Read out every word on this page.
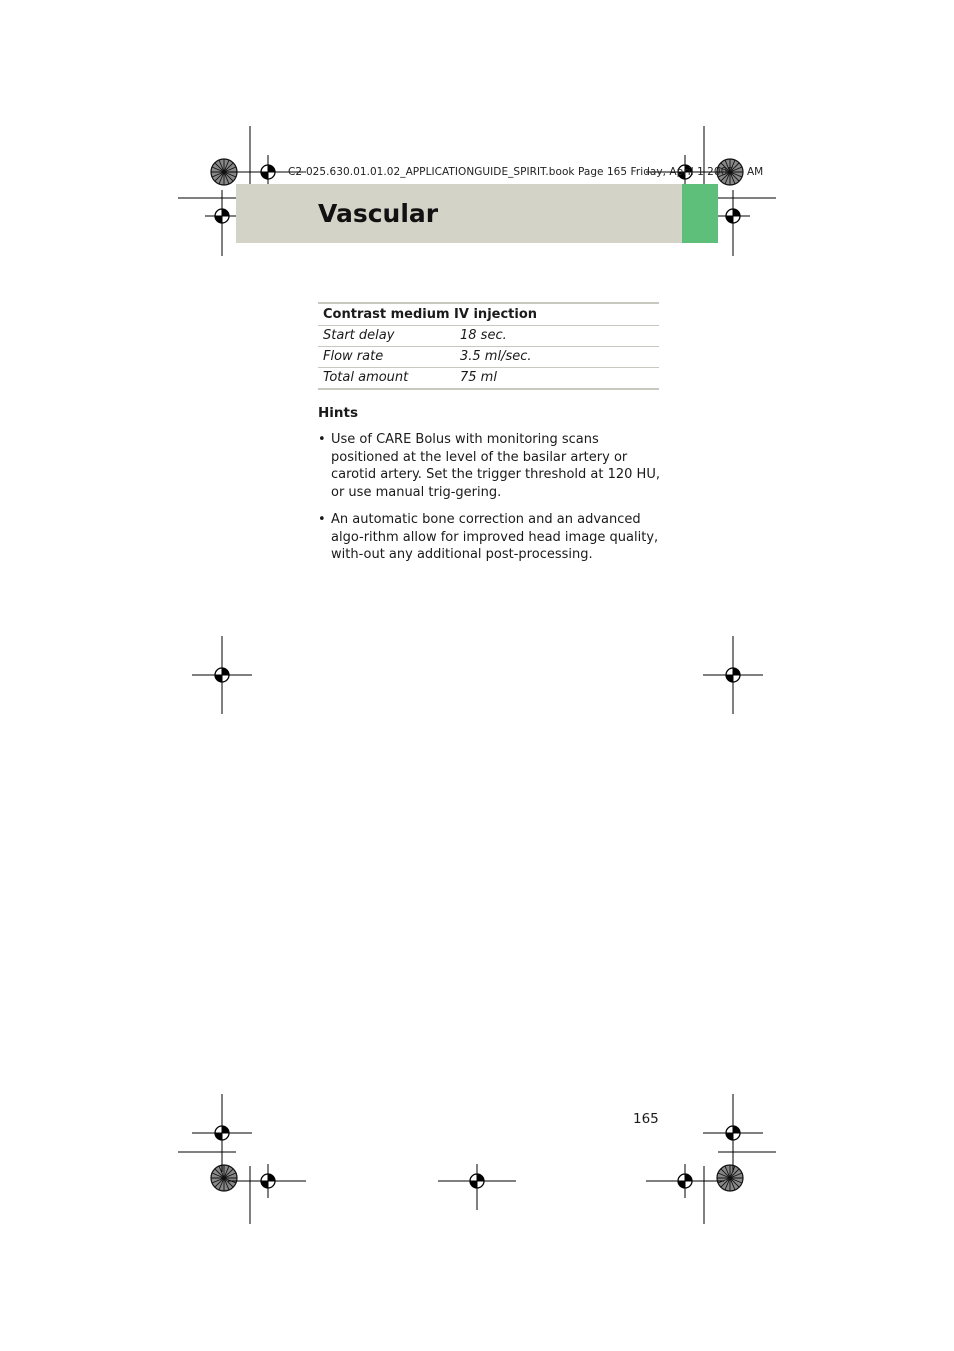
C2-025.630.01.01.02_APPLICATIONGUIDE_SPIRIT.book Page 165 Friday, April 1 2005 AM
Vascular
Contrast medium IV injection	
Start delay	18 sec.
Flow rate	3.5 ml/sec.
Total amount	75 ml
Hints
• Use of CARE Bolus with monitoring scans positioned at the level of the basilar artery or carotid artery. Set the trigger threshold at 120 HU, or use manual trig-gering.
• An automatic bone correction and an advanced algo-rithm allow for improved head image quality, with-out any additional post-processing.
165
